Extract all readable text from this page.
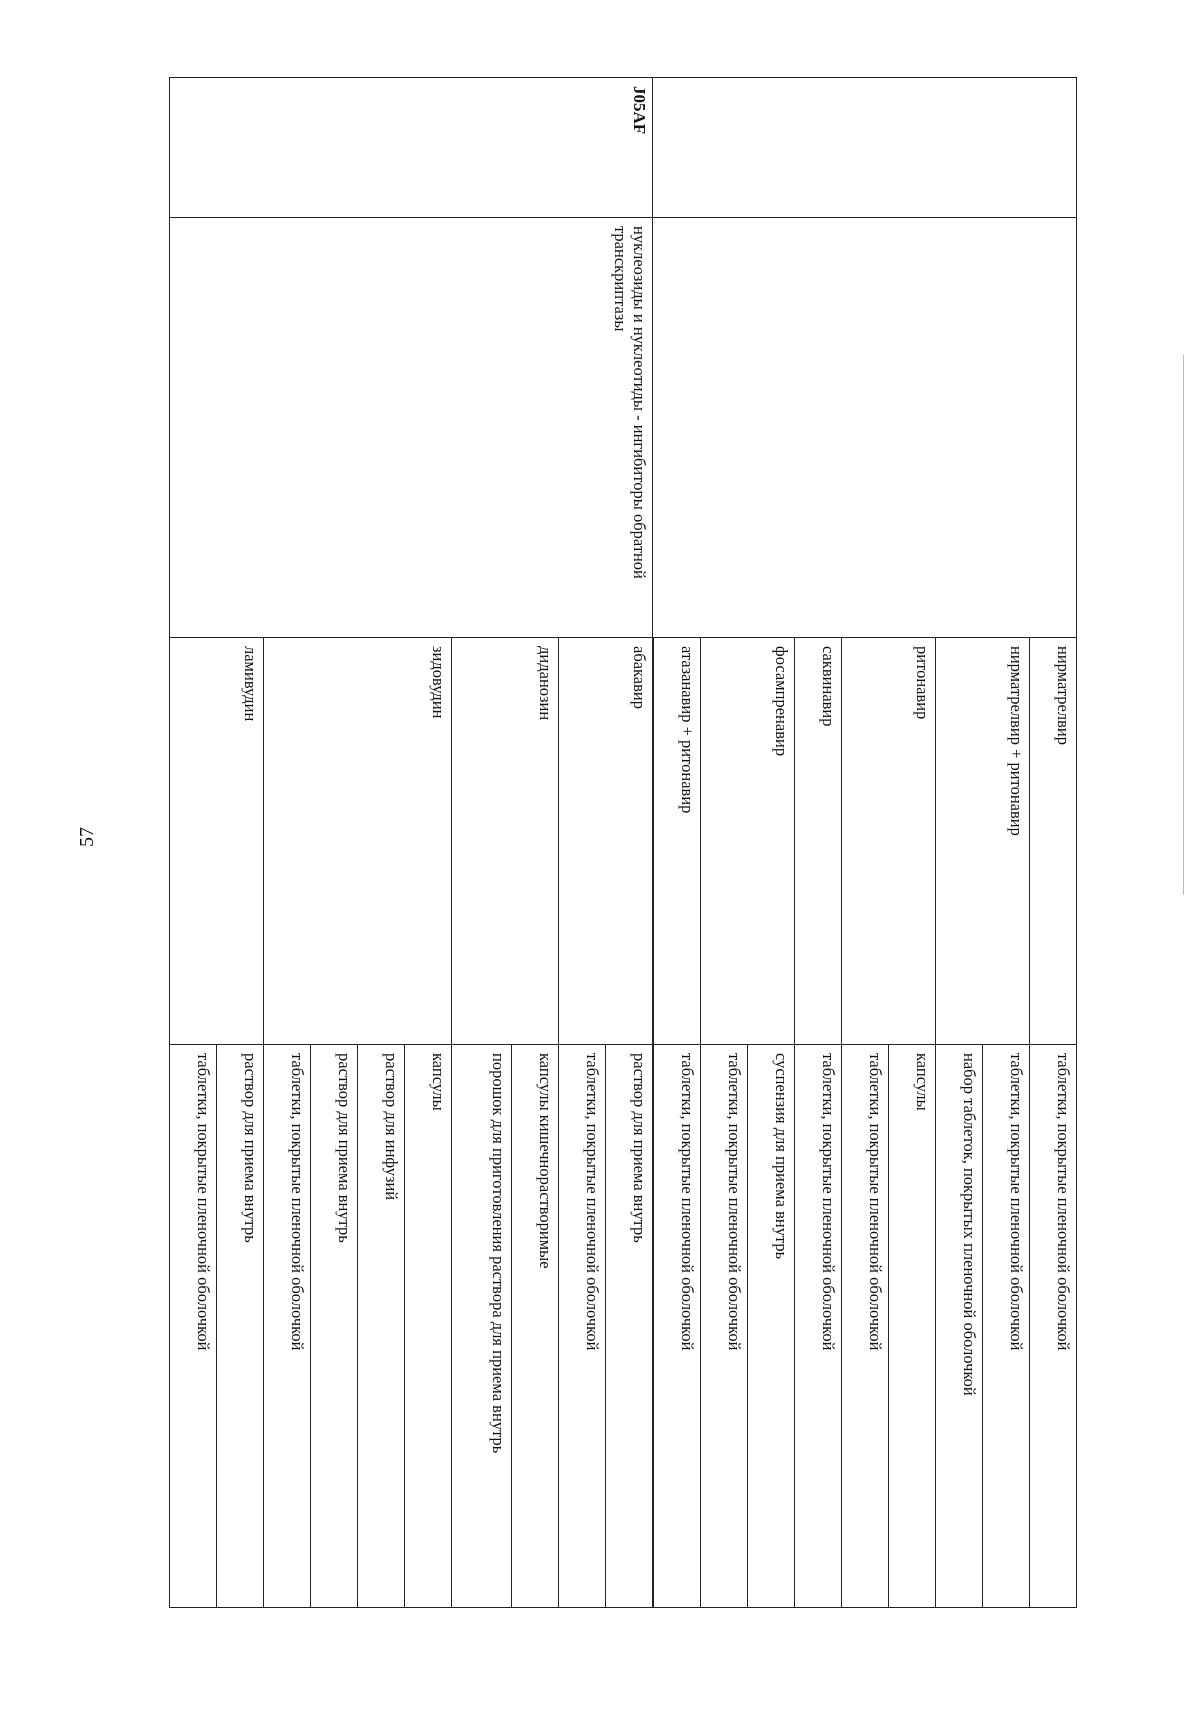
57
		нирматрелвир	таблетки, покрытые пленочной оболочкой
		нирматрелвир + ритонавир	таблетки, покрытые пленочной оболочкой
			набор таблеток, покрытых пленочной оболочкой
		ритонавир	капсулы
			таблетки, покрытые пленочной оболочкой
		саквинавир	таблетки, покрытые пленочной оболочкой
		фосампренавир	суспензия для приема внутрь
			таблетки, покрытые пленочной оболочкой
		атазанавир + ритонавир	таблетки, покрытые пленочной оболочкой

J05AF	нуклеозиды и нуклеотиды - ингибиторы обратной транскриптазы	абакавир	раствор для приема внутрь
			таблетки, покрытые пленочной оболочкой
		диданозин	капсулы кишечнорастворимые
			порошок для приготовления раствора для приема внутрь
		зидовудин	капсулы
			раствор для инфузий
			раствор для приема внутрь
			таблетки, покрытые пленочной оболочкой
		ламивудин	раствор для приема внутрь
			таблетки, покрытые пленочной оболочкой
